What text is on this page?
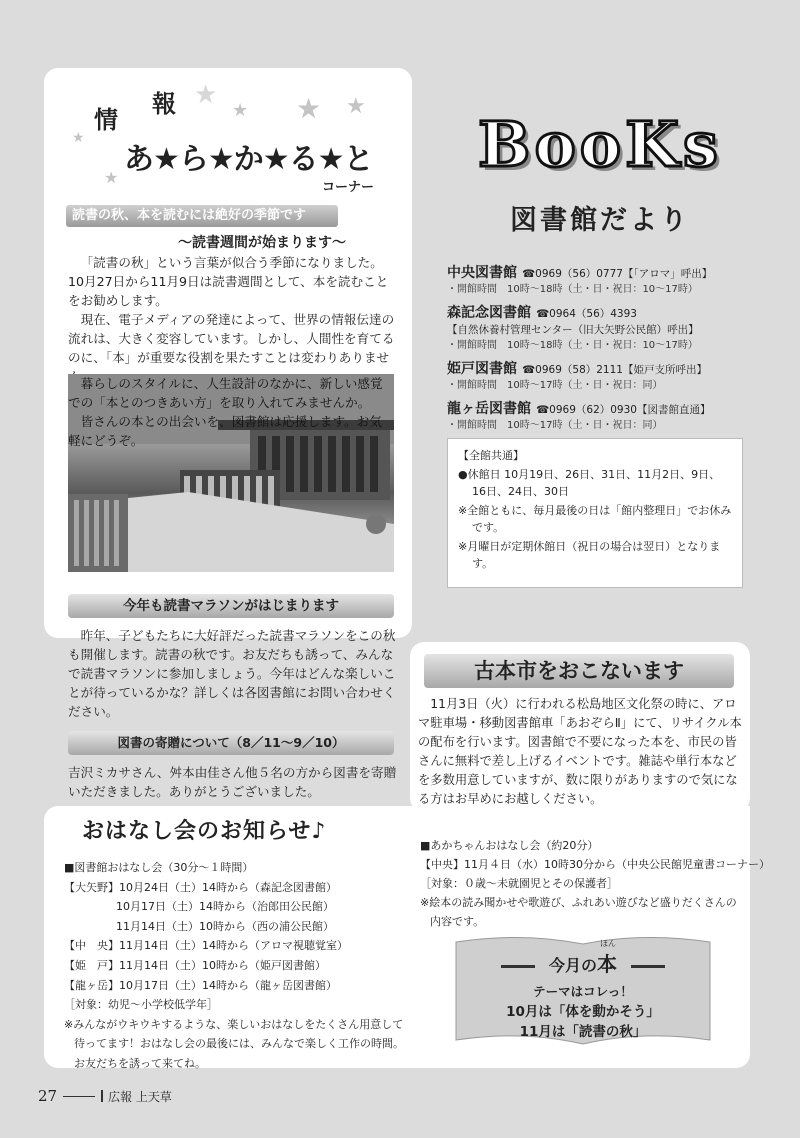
★
★	★
★
★
★
情
報
あ★ら★か★る★と
コーナー
読書の秋、本を読むには絶好の季節です
～読書週間が始まります～

「読書の秋」という言葉が似合う季節になりました。10月27日から11月9日は読書週間として、本を読むことをお勧めします。

現在、電子メディアの発達によって、世界の情報伝達の流れは、大きく変容しています。しかし、人間性を育てるのに、「本」が重要な役割を果たすことは変わりありませ

暮らしのスタイルに、人生設計のなかに、新しい感覚での「本とのつきあい方」を取り入れてみませんか。

皆さんの本との出会いを、図書館は応援します。お気軽にどうぞ。

今年も読書マラソンがはじまります
昨年、子どもたちに大好評だった読書マラソンをこの秋も開催します。読書の秋です。お友だちも誘って、みんなで読書マラソンに参加しましょう。今年はどんな楽しいことが待っているかな？詳しくは各図書館にお問い合わせください。
図書の寄贈について（8／11～9／10）
吉沢ミカサさん、舛本由佳さん他５名の方から図書を寄贈いただきました。ありがとうございました。
BooKs
図書館だより
中央図書館 ☎0969（56）0777【「アロマ」呼出】
・開館時間　10時～18時（土・日・祝日：10～17時）
森記念図書館 ☎0964（56）4393
【自然休養村管理センター（旧大矢野公民館）呼出】
・開館時間　10時～18時（土・日・祝日：10～17時）
姫戸図書館 ☎0969（58）2111【姫戸支所呼出】
・開館時間　10時～17時（土・日・祝日：同）
龍ヶ岳図書館 ☎0969（62）0930【図書館直通】
・開館時間　10時～17時（土・日・祝日：同）
【全館共通】
●休館日 10月19日、26日、31日、11月2日、9日、16日、24日、30日
※全館ともに、毎月最後の日は「館内整理日」でお休みです。
※月曜日が定期休館日（祝日の場合は翌日）となります。
古本市をおこないます
11月3日（火）に行われる松島地区文化祭の時に、アロマ駐車場・移動図書館車「あおぞらⅡ」にて、リサイクル本の配布を行います。図書館で不要になった本を、市民の皆さんに無料で差し上げるイベントです。雑誌や単行本などを多数用意していますが、数に限りがありますので気になる方はお早めにお越しください。
おはなし会のお知らせ♪
■図書館おはなし会（30分～１時間）
【大矢野】10月24日（土）14時から（森記念図書館）
10月17日（土）14時から（治郎田公民館）
11月14日（土）10時から（西の浦公民館）
【中　央】11月14日（土）14時から（アロマ視聴覚室）
【姫　戸】11月14日（土）10時から（姫戸図書館）
【龍ヶ岳】10月17日（土）14時から（龍ヶ岳図書館）
［対象：幼児～小学校低学年］
※みんながウキウキするような、楽しいおはなしをたくさん用意して待ってます！おはなし会の最後には、みんなで楽しく工作の時間。お友だちを誘って来てね。
■あかちゃんおはなし会（約20分）
【中央】11月４日（水）10時30分から（中央公民館児童書コーナー）
［対象：０歳～未就園児とその保護者］
※絵本の読み聞かせや歌遊び、ふれあい遊びなど盛りだくさんの内容です。
ほん
今月の本
テーマはコレっ！
10月は「体を動かそう」
11月は「読書の秋」
27	広報 上天草
